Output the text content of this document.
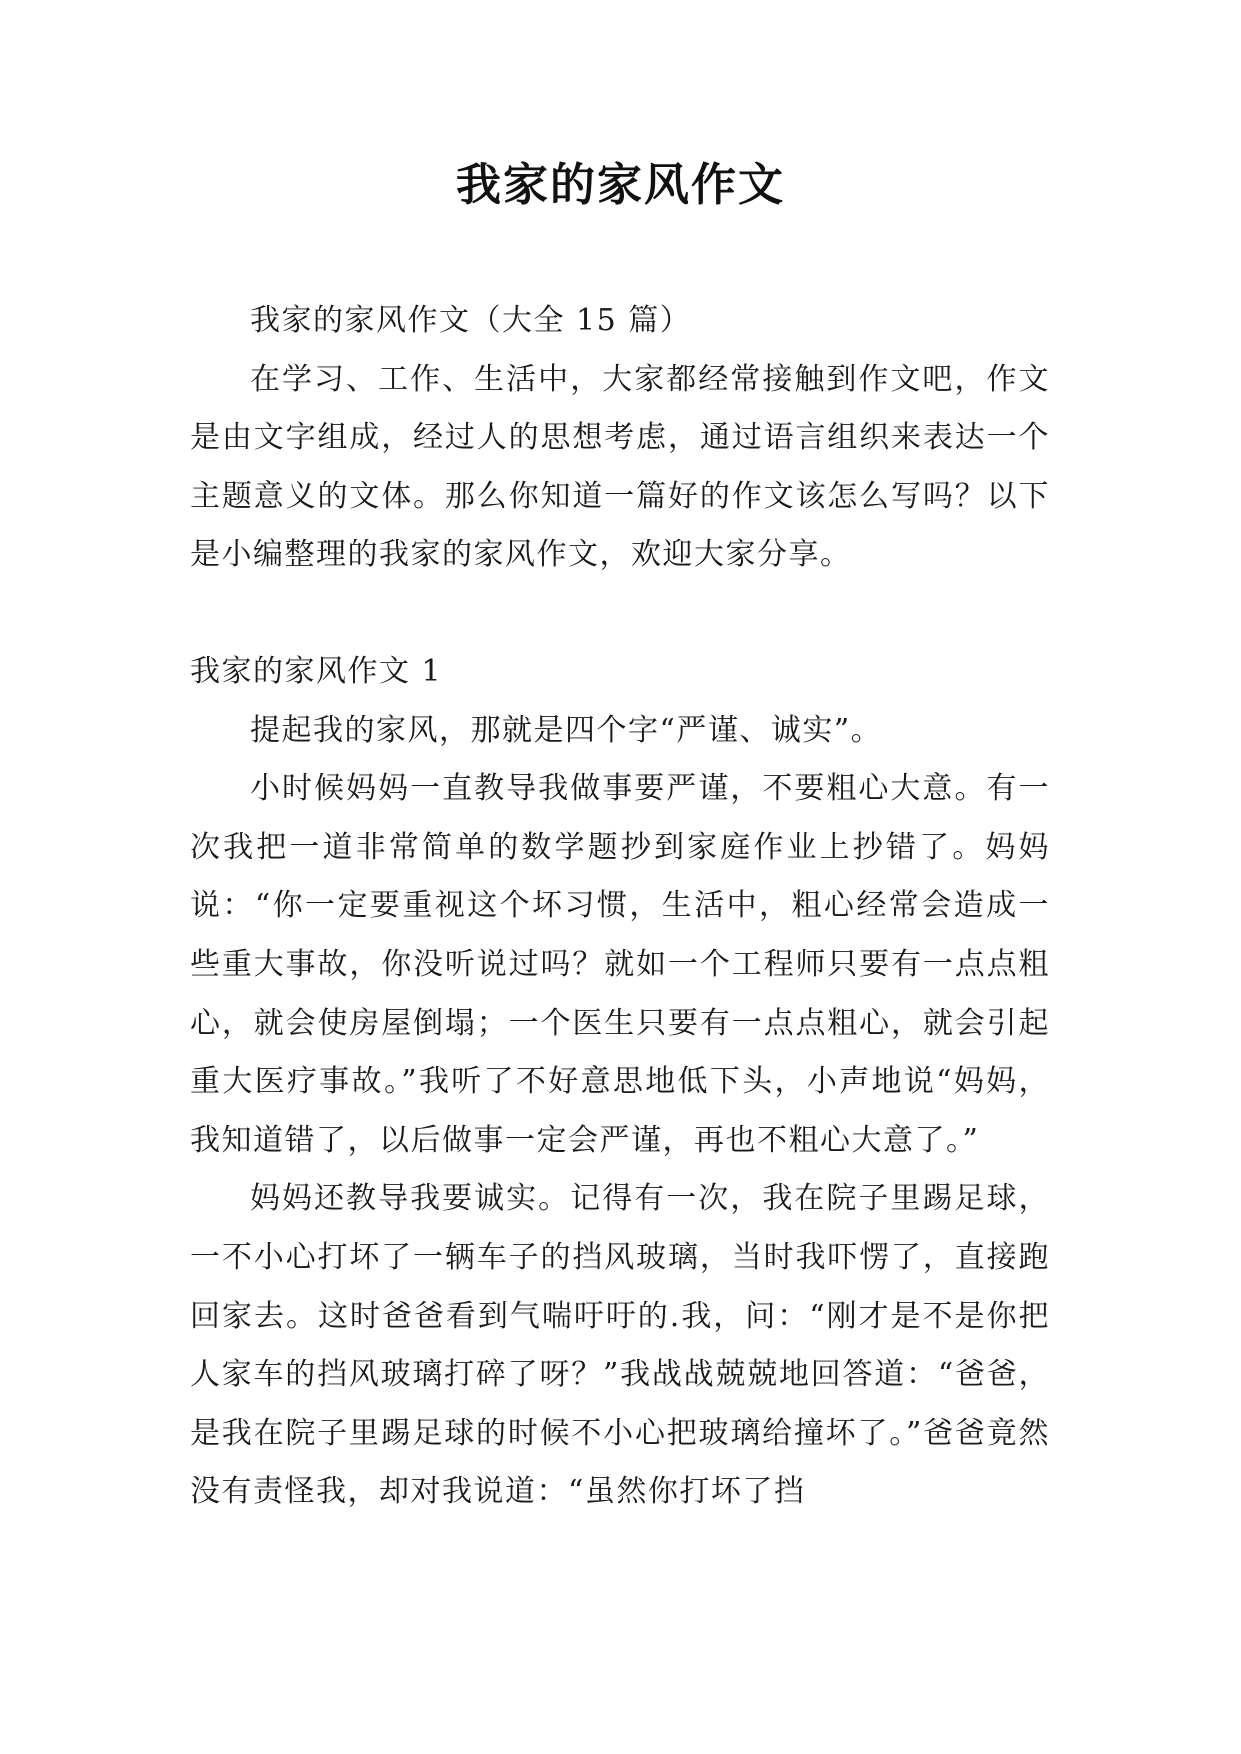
我家的家风作文

我家的家风作文（大全 15 篇）

在学习、工作、生活中，大家都经常接触到作文吧，作文是由文字组成，经过人的思想考虑，通过语言组织来表达一个主题意义的文体。那么你知道一篇好的作文该怎么写吗？以下是小编整理的我家的家风作文，欢迎大家分享。

我家的家风作文 1

提起我的家风，那就是四个字“严谨、诚实”。

小时候妈妈一直教导我做事要严谨，不要粗心大意。有一次我把一道非常简单的数学题抄到家庭作业上抄错了。妈妈说：“你一定要重视这个坏习惯，生活中，粗心经常会造成一些重大事故，你没听说过吗？就如一个工程师只要有一点点粗心，就会使房屋倒塌；一个医生只要有一点点粗心，就会引起重大医疗事故。”我听了不好意思地低下头，小声地说“妈妈，我知道错了，以后做事一定会严谨，再也不粗心大意了。”

妈妈还教导我要诚实。记得有一次，我在院子里踢足球，一不小心打坏了一辆车子的挡风玻璃，当时我吓愣了，直接跑回家去。这时爸爸看到气喘吁吁的.我，问：“刚才是不是你把人家车的挡风玻璃打碎了呀？”我战战兢兢地回答道：“爸爸，是我在院子里踢足球的时候不小心把玻璃给撞坏了。”爸爸竟然没有责怪我，却对我说道：“虽然你打坏了挡
